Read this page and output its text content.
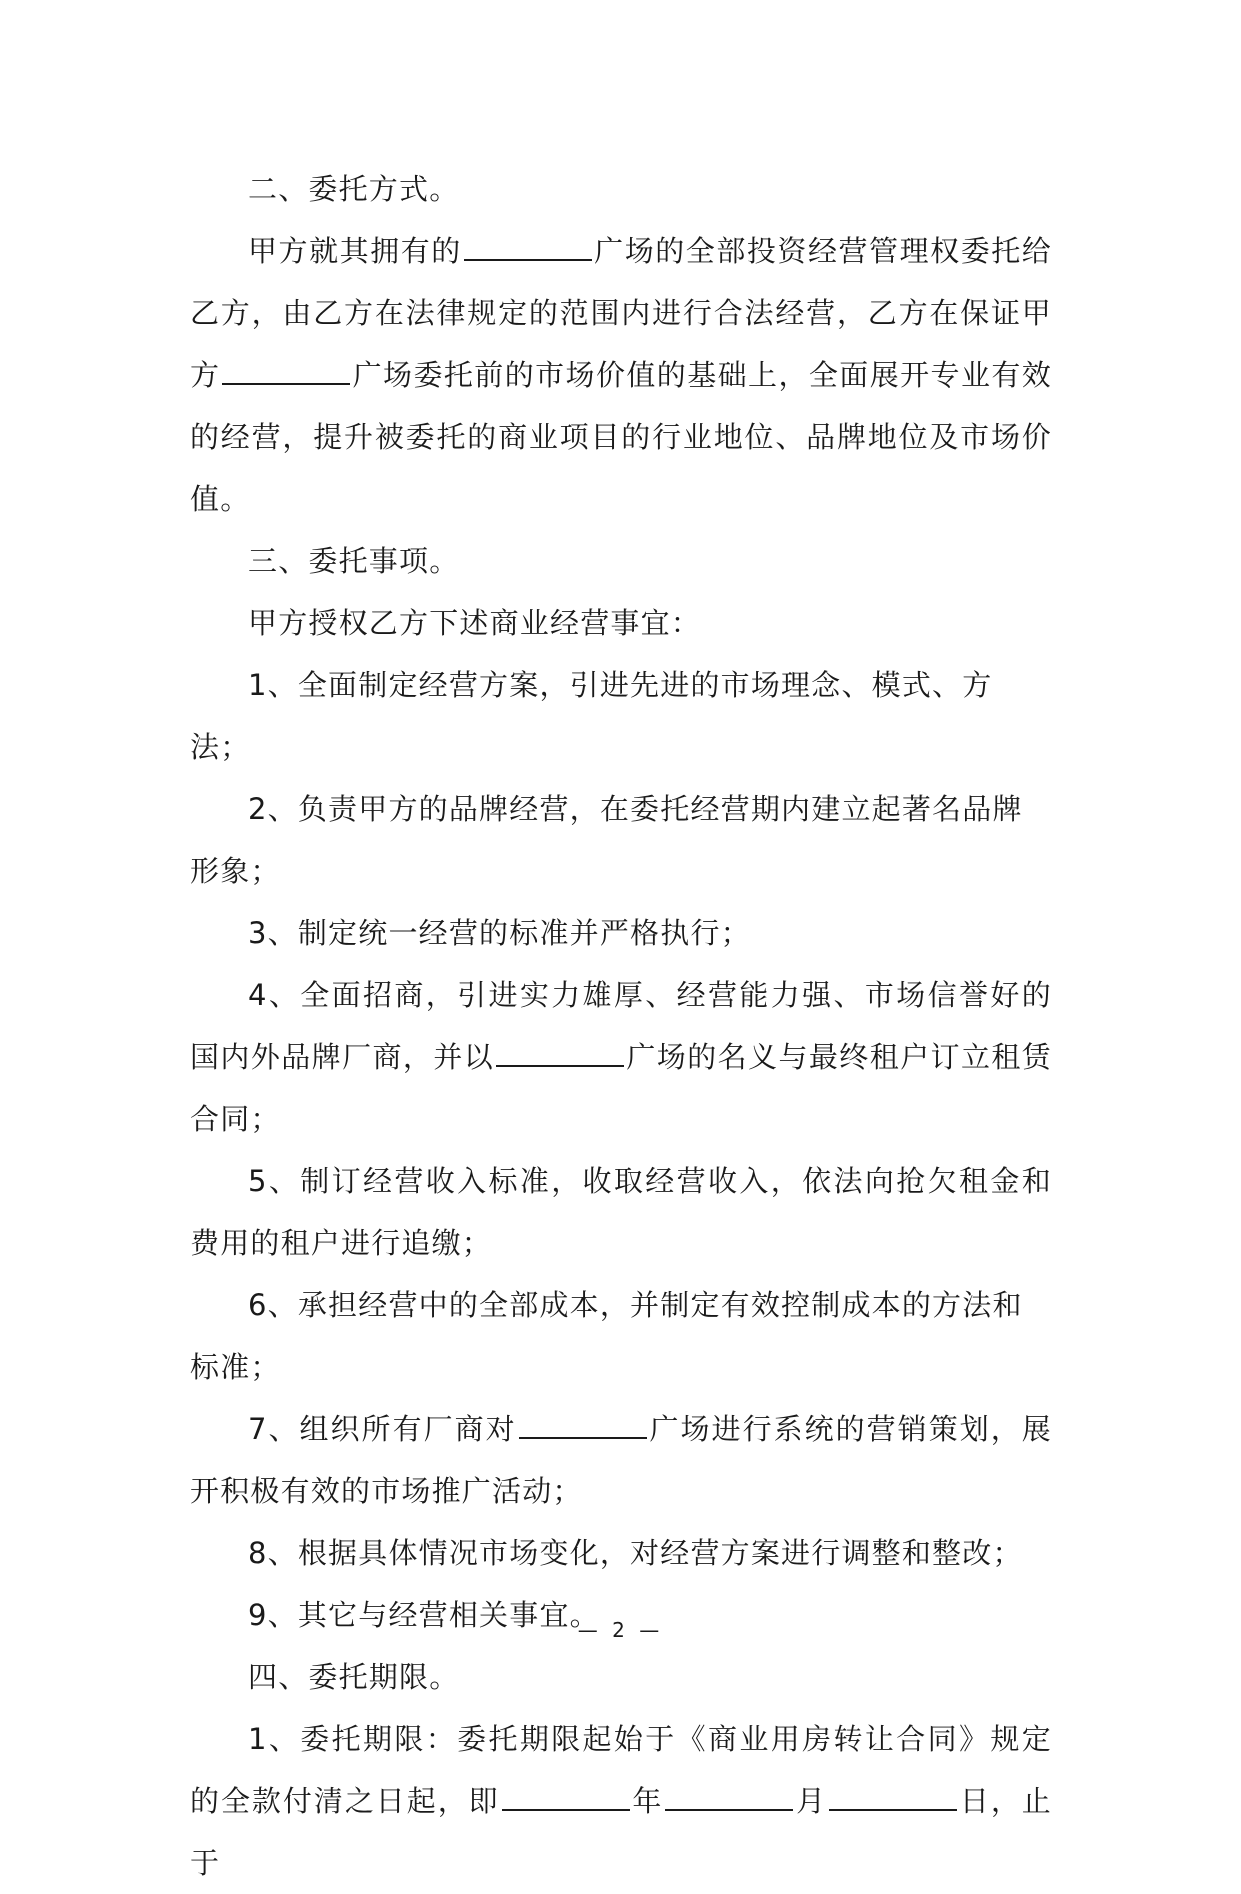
二、委托方式。

甲方就其拥有的	广场的全部投资经营管理权委托给乙方，由乙方在法律规定的范围内进行合法经营，乙方在保证甲方	广场委托前的市场价值的基础上，全面展开专业有效的经营，提升被委托的商业项目的行业地位、品牌地位及市场价值。

三、委托事项。

甲方授权乙方下述商业经营事宜：

1、全面制定经营方案，引进先进的市场理念、模式、方法；

2、负责甲方的品牌经营，在委托经营期内建立起著名品牌形象；

3、制定统一经营的标准并严格执行；

4、全面招商，引进实力雄厚、经营能力强、市场信誉好的国内外品牌厂商，并以	广场的名义与最终租户订立租赁合同；

5、制订经营收入标准，收取经营收入，依法向抢欠租金和费用的租户进行追缴；

6、承担经营中的全部成本，并制定有效控制成本的方法和标准；

7、组织所有厂商对	广场进行系统的营销策划，展开积极有效的市场推广活动；

8、根据具体情况市场变化，对经营方案进行调整和整改；

9、其它与经营相关事宜。

四、委托期限。

1、委托期限：委托期限起始于《商业用房转让合同》规定的全款付清之日起，即	年	月	日，止于

— 2 —
